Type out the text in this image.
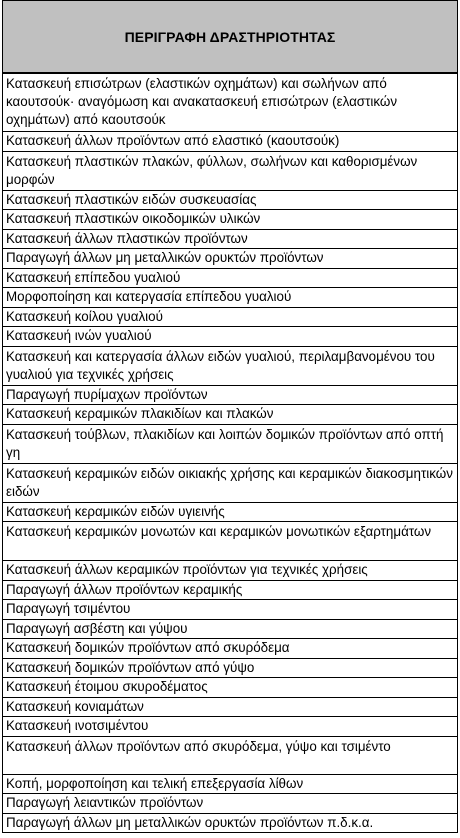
ΠΕΡΙΓΡΑΦΗ ΔΡΑΣΤΗΡΙΟΤΗΤΑΣ
Κατασκευή επισώτρων (ελαστικών οχημάτων) και σωλήνων από καουτσούκ· αναγόμωση και ανακατασκευή επισώτρων (ελαστικών οχημάτων) από καουτσούκ
Κατασκευή άλλων προϊόντων από ελαστικό (καουτσούκ)
Κατασκευή πλαστικών πλακών, φύλλων, σωλήνων και καθορισμένων μορφών
Κατασκευή πλαστικών ειδών συσκευασίας
Κατασκευή πλαστικών οικοδομικών υλικών
Κατασκευή άλλων πλαστικών προϊόντων
Παραγωγή άλλων μη μεταλλικών ορυκτών προϊόντων
Κατασκευή επίπεδου γυαλιού
Μορφοποίηση και κατεργασία επίπεδου γυαλιού
Κατασκευή κοίλου γυαλιού
Κατασκευή ινών γυαλιού
Κατασκευή και κατεργασία άλλων ειδών γυαλιού, περιλαμβανομένου του γυαλιού για τεχνικές χρήσεις
Παραγωγή πυρίμαχων προϊόντων
Κατασκευή κεραμικών πλακιδίων και πλακών
Κατασκευή τούβλων, πλακιδίων και λοιπών δομικών προϊόντων από οπτή γη
Κατασκευή κεραμικών ειδών οικιακής χρήσης και κεραμικών διακοσμητικών ειδών
Κατασκευή κεραμικών ειδών υγιεινής
Κατασκευή κεραμικών μονωτών και κεραμικών μονωτικών εξαρτημάτων
Κατασκευή άλλων κεραμικών προϊόντων για τεχνικές χρήσεις
Παραγωγή άλλων προϊόντων κεραμικής
Παραγωγή τσιμέντου
Παραγωγή ασβέστη και γύψου
Κατασκευή δομικών προϊόντων από σκυρόδεμα
Κατασκευή δομικών προϊόντων από γύψο
Κατασκευή έτοιμου σκυροδέματος
Κατασκευή κονιαμάτων
Κατασκευή ινοτσιμέντου
Κατασκευή άλλων προϊόντων από σκυρόδεμα, γύψο και τσιμέντο
Κοπή, μορφοποίηση και τελική επεξεργασία λίθων
Παραγωγή λειαντικών προϊόντων
Παραγωγή άλλων μη μεταλλικών ορυκτών προϊόντων π.δ.κ.α.
